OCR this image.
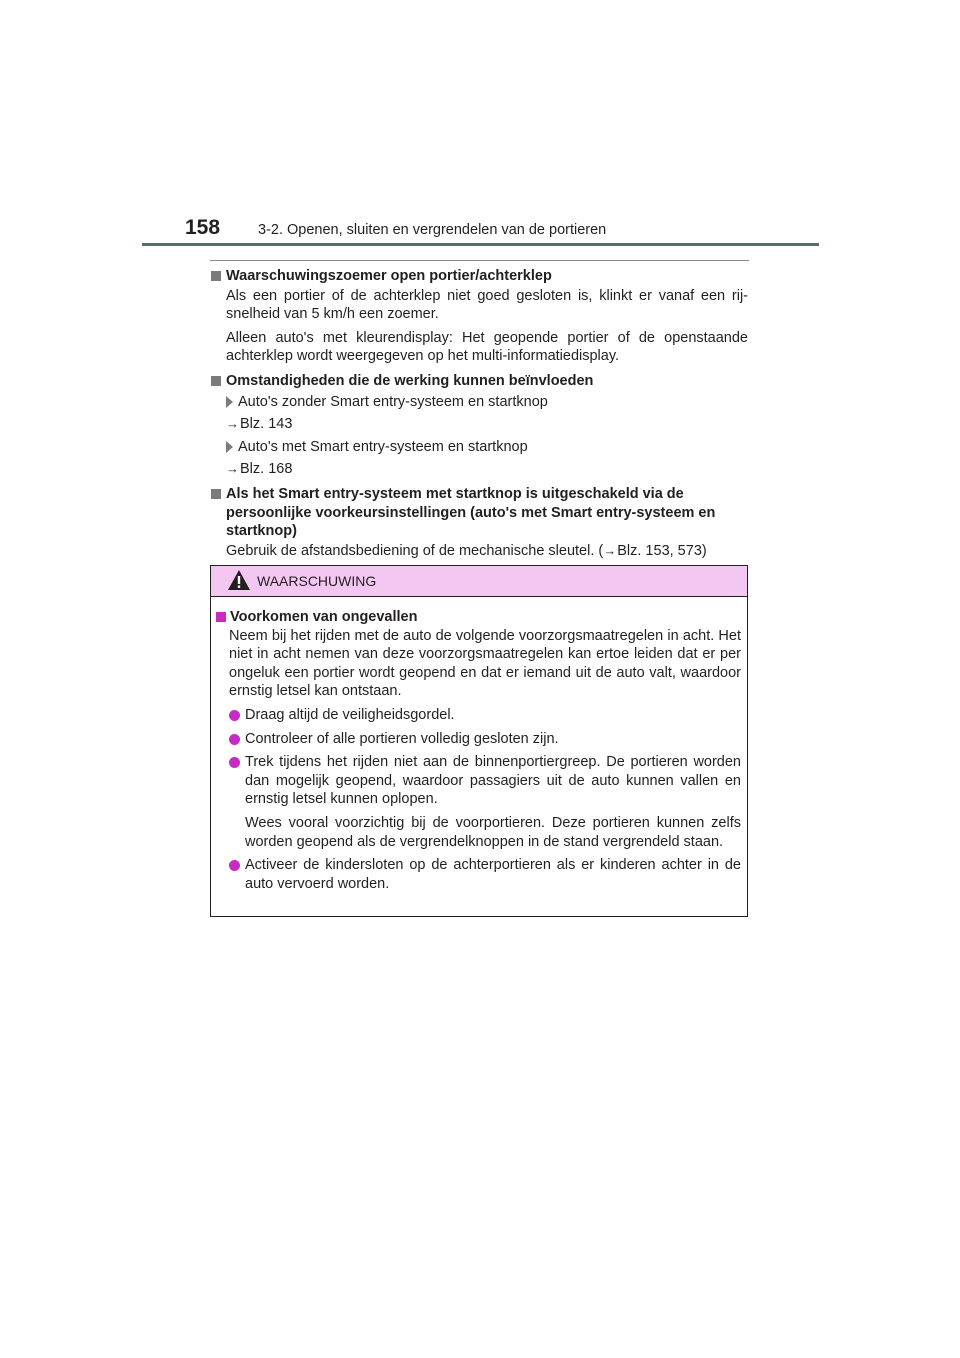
158	3-2. Openen, sluiten en vergrendelen van de portieren
Waarschuwingszoemer open portier/achterklep
Als een portier of de achterklep niet goed gesloten is, klinkt er vanaf een rij-snelheid van 5 km/h een zoemer.
Alleen auto's met kleurendisplay: Het geopende portier of de openstaande achterklep wordt weergegeven op het multi-informatiedisplay.
Omstandigheden die de werking kunnen beïnvloeden
Auto's zonder Smart entry-systeem en startknop
→ Blz. 143
Auto's met Smart entry-systeem en startknop
→ Blz. 168
Als het Smart entry-systeem met startknop is uitgeschakeld via de persoonlijke voorkeursinstellingen (auto's met Smart entry-systeem en startknop)
Gebruik de afstandsbediening of de mechanische sleutel. (→Blz. 153, 573)
WAARSCHUWING
Voorkomen van ongevallen
Neem bij het rijden met de auto de volgende voorzorgsmaatregelen in acht. Het niet in acht nemen van deze voorzorgsmaatregelen kan ertoe leiden dat er per ongeluk een portier wordt geopend en dat er iemand uit de auto valt, waardoor ernstig letsel kan ontstaan.
Draag altijd de veiligheidsgordel.
Controleer of alle portieren volledig gesloten zijn.
Trek tijdens het rijden niet aan de binnenportiergreep. De portieren worden dan mogelijk geopend, waardoor passagiers uit de auto kunnen vallen en ernstig letsel kunnen oplopen.
Wees vooral voorzichtig bij de voorportieren. Deze portieren kunnen zelfs worden geopend als de vergrendelknoppen in de stand vergrendeld staan.
Activeer de kindersloten op de achterportieren als er kinderen achter in de auto vervoerd worden.
